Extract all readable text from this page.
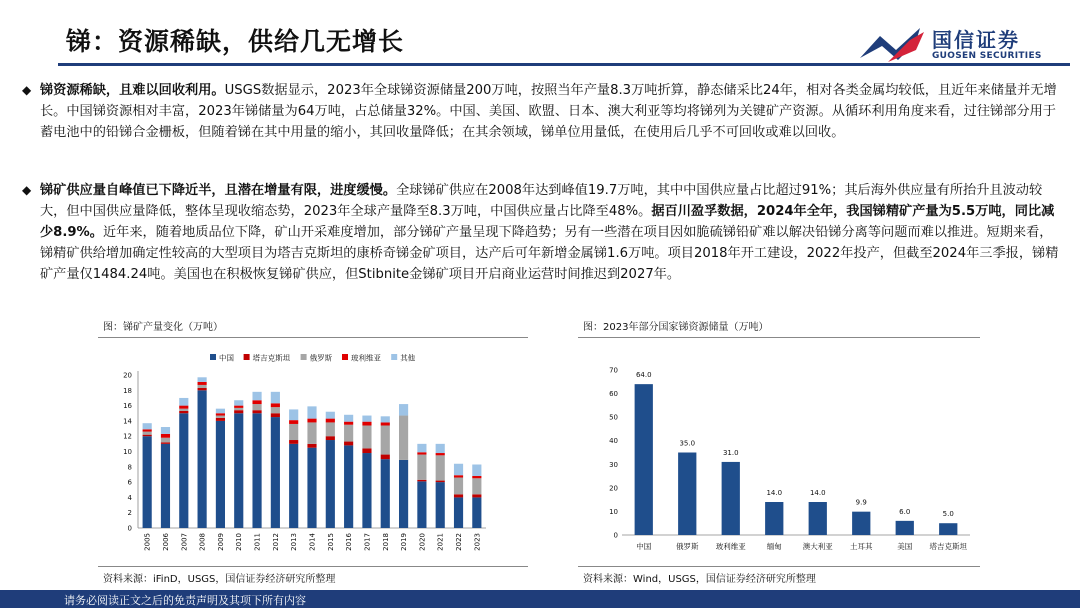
锑：资源稀缺，供给几无增长	国信证券
GUOSEN SECURITIES
◆ 锑资源稀缺，且难以回收利用。USGS数据显示，2023年全球锑资源储量200万吨，按照当年产量8.3万吨折算，静态储采比24年，相对各类金属均较低，且近年来储量并无增长。中国锑资源相对丰富，2023年锑储量为64万吨，占总储量32%。中国、美国、欧盟、日本、澳大利亚等均将锑列为关键矿产资源。从循环利用角度来看，过往锑部分用于蓄电池中的铅锑合金栅板，但随着锑在其中用量的缩小，其回收量降低；在其余领域，锑单位用量低，在使用后几乎不可回收或难以回收。
◆ 锑矿供应量自峰值已下降近半，且潜在增量有限，进度缓慢。全球锑矿供应在2008年达到峰值19.7万吨，其中中国供应量占比超过91%；其后海外供应量有所抬升且波动较大，但中国供应量降低，整体呈现收缩态势，2023年全球产量降至8.3万吨，中国供应量占比降至48%。据百川盈孚数据，2024年全年，我国锑精矿产量为5.5万吨，同比减少8.9%。近年来，随着地质品位下降，矿山开采难度增加，部分锑矿产量呈现下降趋势；另有一些潜在项目因如脆硫锑铅矿难以解决铅锑分离等问题而难以推进。短期来看，锑精矿供给增加确定性较高的大型项目为塔吉克斯坦的康桥奇锑金矿项目，达产后可年新增金属锑1.6万吨。项目2018年开工建设，2022年投产，但截至2024年三季报，锑精矿产量仅1484.24吨。美国也在积极恢复锑矿供应，但Stibnite金锑矿项目开启商业运营时间推迟到2027年。
图：锑矿产量变化（万吨）
中国 塔吉克斯坦	俄罗斯	玻利维亚	其他
0
2
4
6
8
10
12
14
16
18
20
2005 2006 2007 2008 2009 2010 2011 2012 2013 2014 2015 2016 2017 2018 2019 2020 2021 2022 2023
资料来源：iFinD，USGS，国信证券经济研究所整理
图：2023年部分国家锑资源储量（万吨）
0
10
20
30
40
50
60
70
64.0
中国
35.0
俄罗斯
31.0
玻利维亚
14.0
缅甸
14.0
澳大利亚
9.9
土耳其
6.0
美国
5.0
塔吉克斯坦
资料来源：Wind，USGS，国信证券经济研究所整理
请务必阅读正文之后的免责声明及其项下所有内容
